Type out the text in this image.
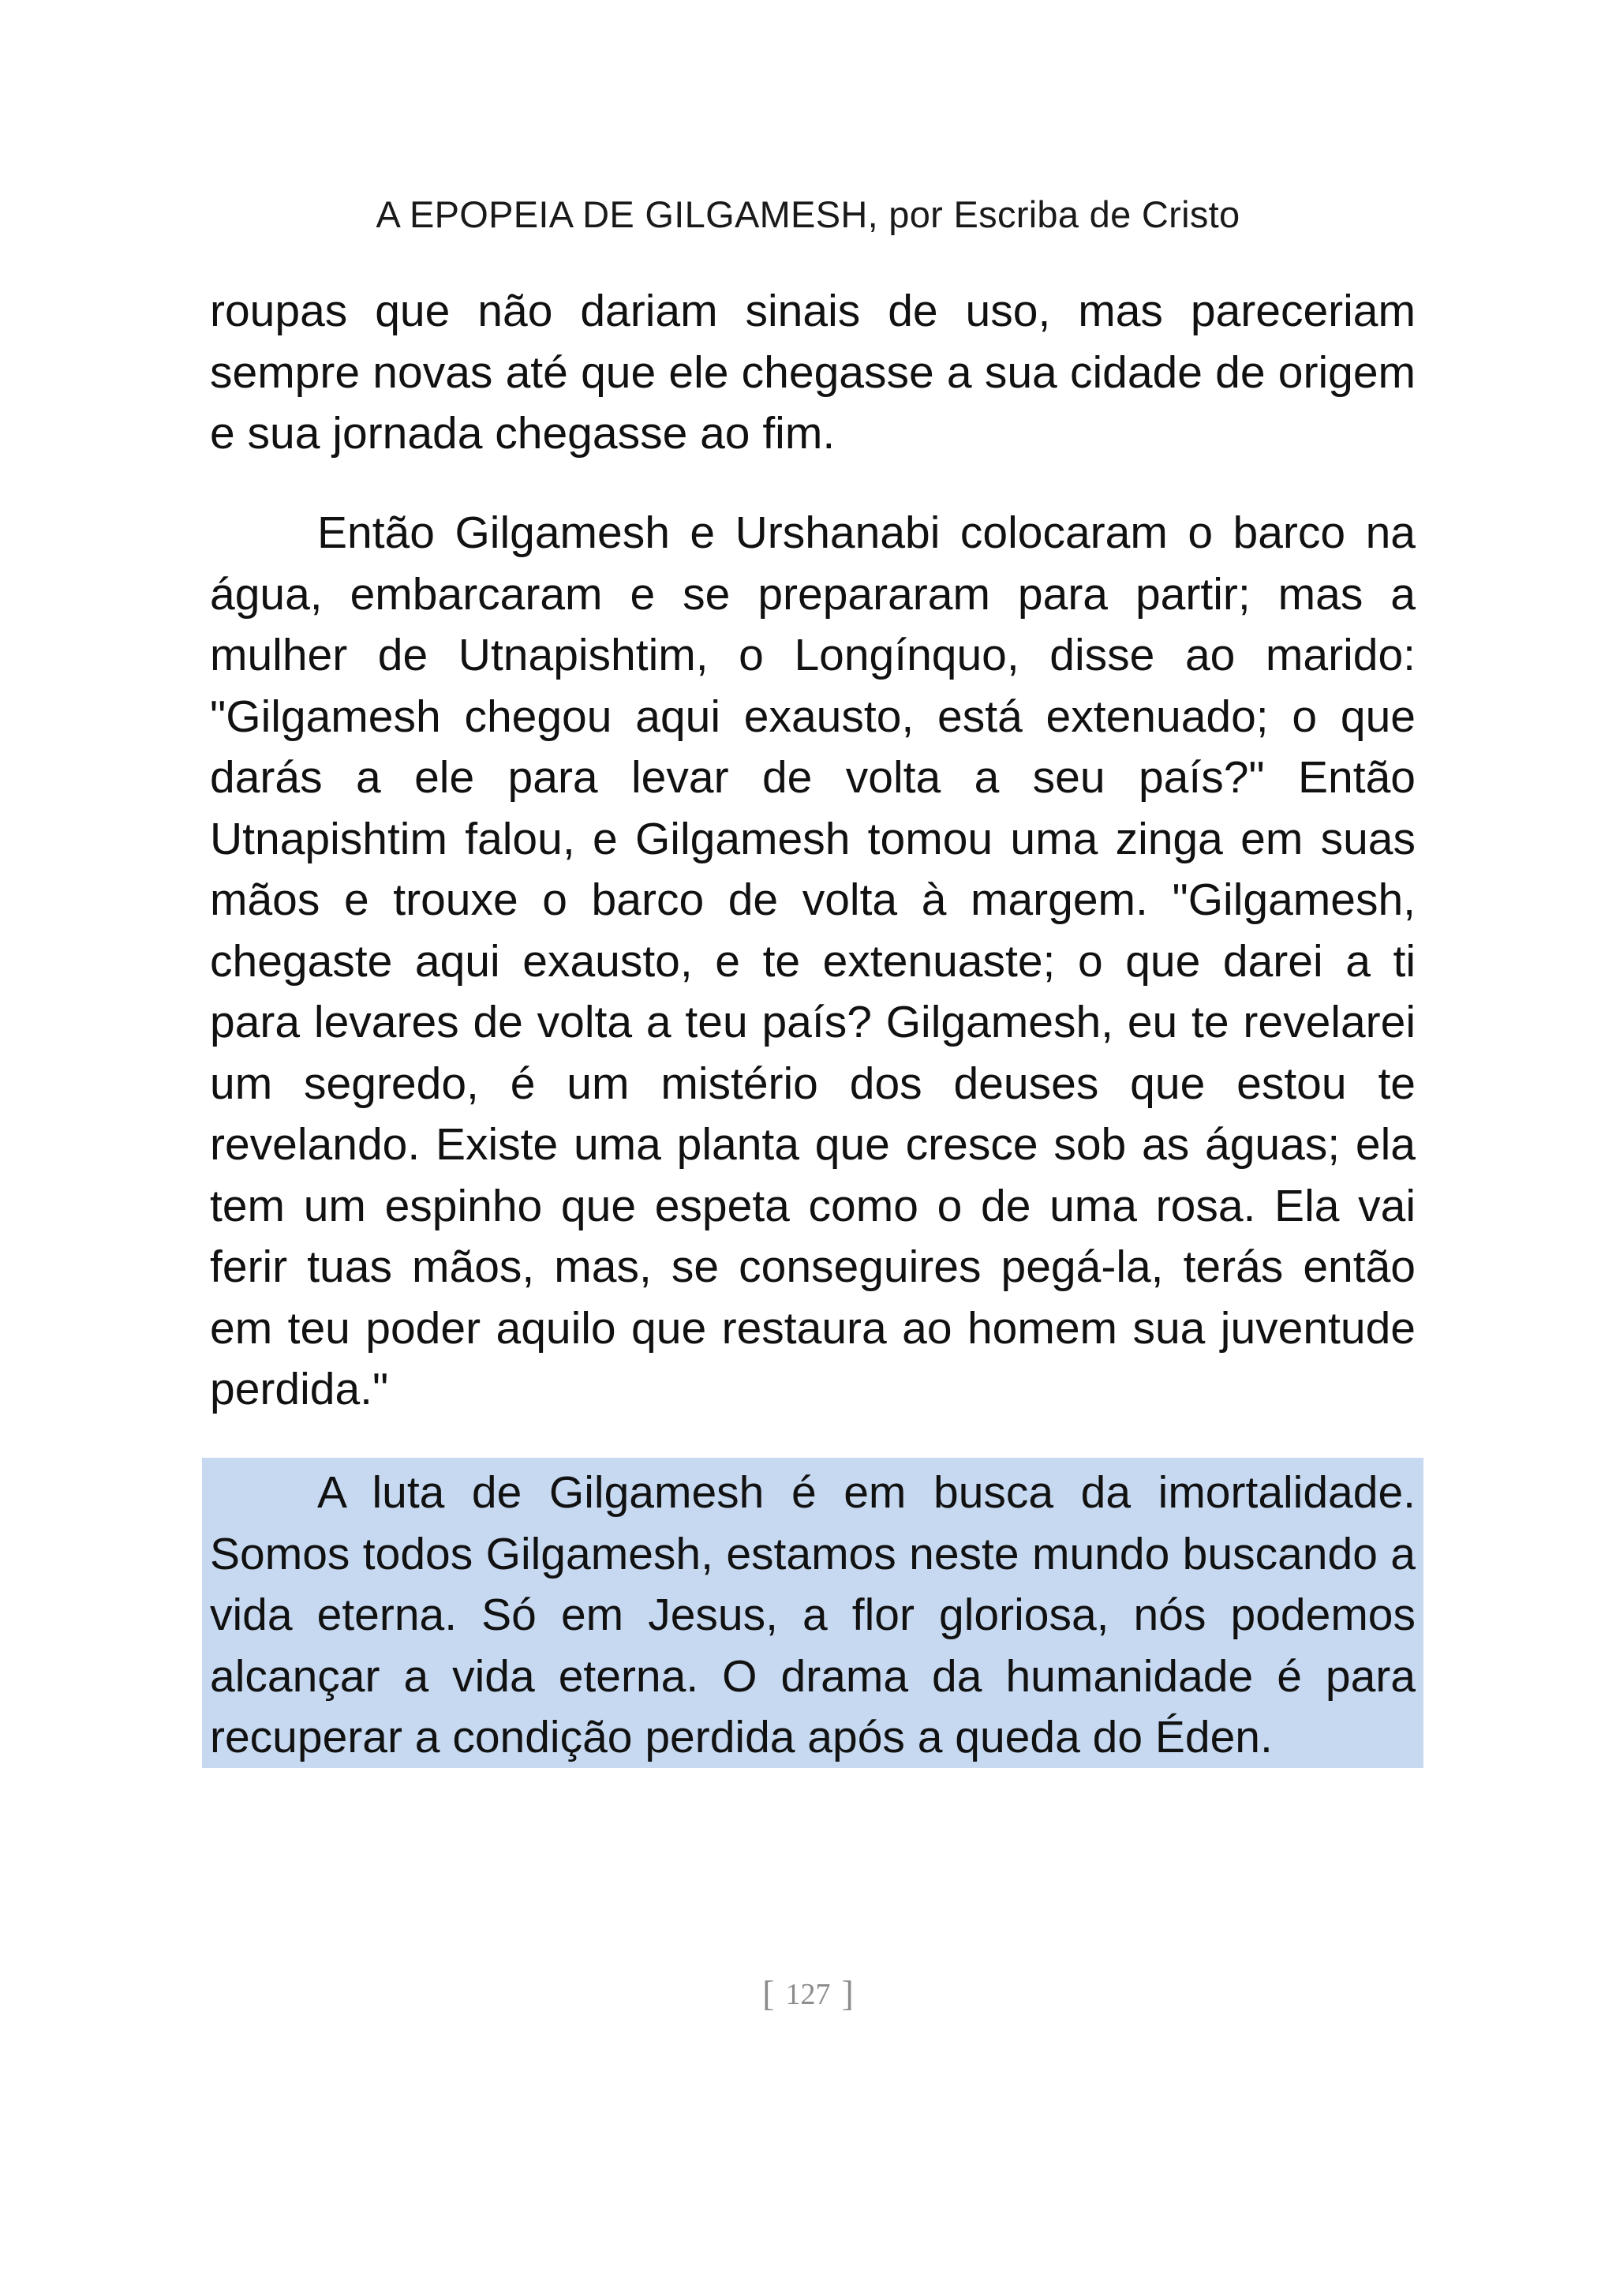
A EPOPEIA DE GILGAMESH, por Escriba de Cristo

roupas que não dariam sinais de uso, mas pareceriam sempre novas até que ele chegasse a sua cidade de origem e sua jornada chegasse ao fim.

Então Gilgamesh e Urshanabi colocaram o barco na água, embarcaram e se prepararam para partir; mas a mulher de Utnapishtim, o Longínquo, disse ao marido: "Gilgamesh chegou aqui exausto, está extenuado; o que darás a ele para levar de volta a seu país?" Então Utnapishtim falou, e Gilgamesh tomou uma zinga em suas mãos e trouxe o barco de volta à margem. "Gilgamesh, chegaste aqui exausto, e te extenuaste; o que darei a ti para levares de volta a teu país? Gilgamesh, eu te revelarei um segredo, é um mistério dos deuses que estou te revelando. Existe uma planta que cresce sob as águas; ela tem um espinho que espeta como o de uma rosa. Ela vai ferir tuas mãos, mas, se conseguires pegá-la, terás então em teu poder aquilo que restaura ao homem sua juventude perdida."

A luta de Gilgamesh é em busca da imortalidade. Somos todos Gilgamesh, estamos neste mundo buscando a vida eterna. Só em Jesus, a flor gloriosa, nós podemos alcançar a vida eterna. O drama da humanidade é para recuperar a condição perdida após a queda do Éden.

[ 127 ]
